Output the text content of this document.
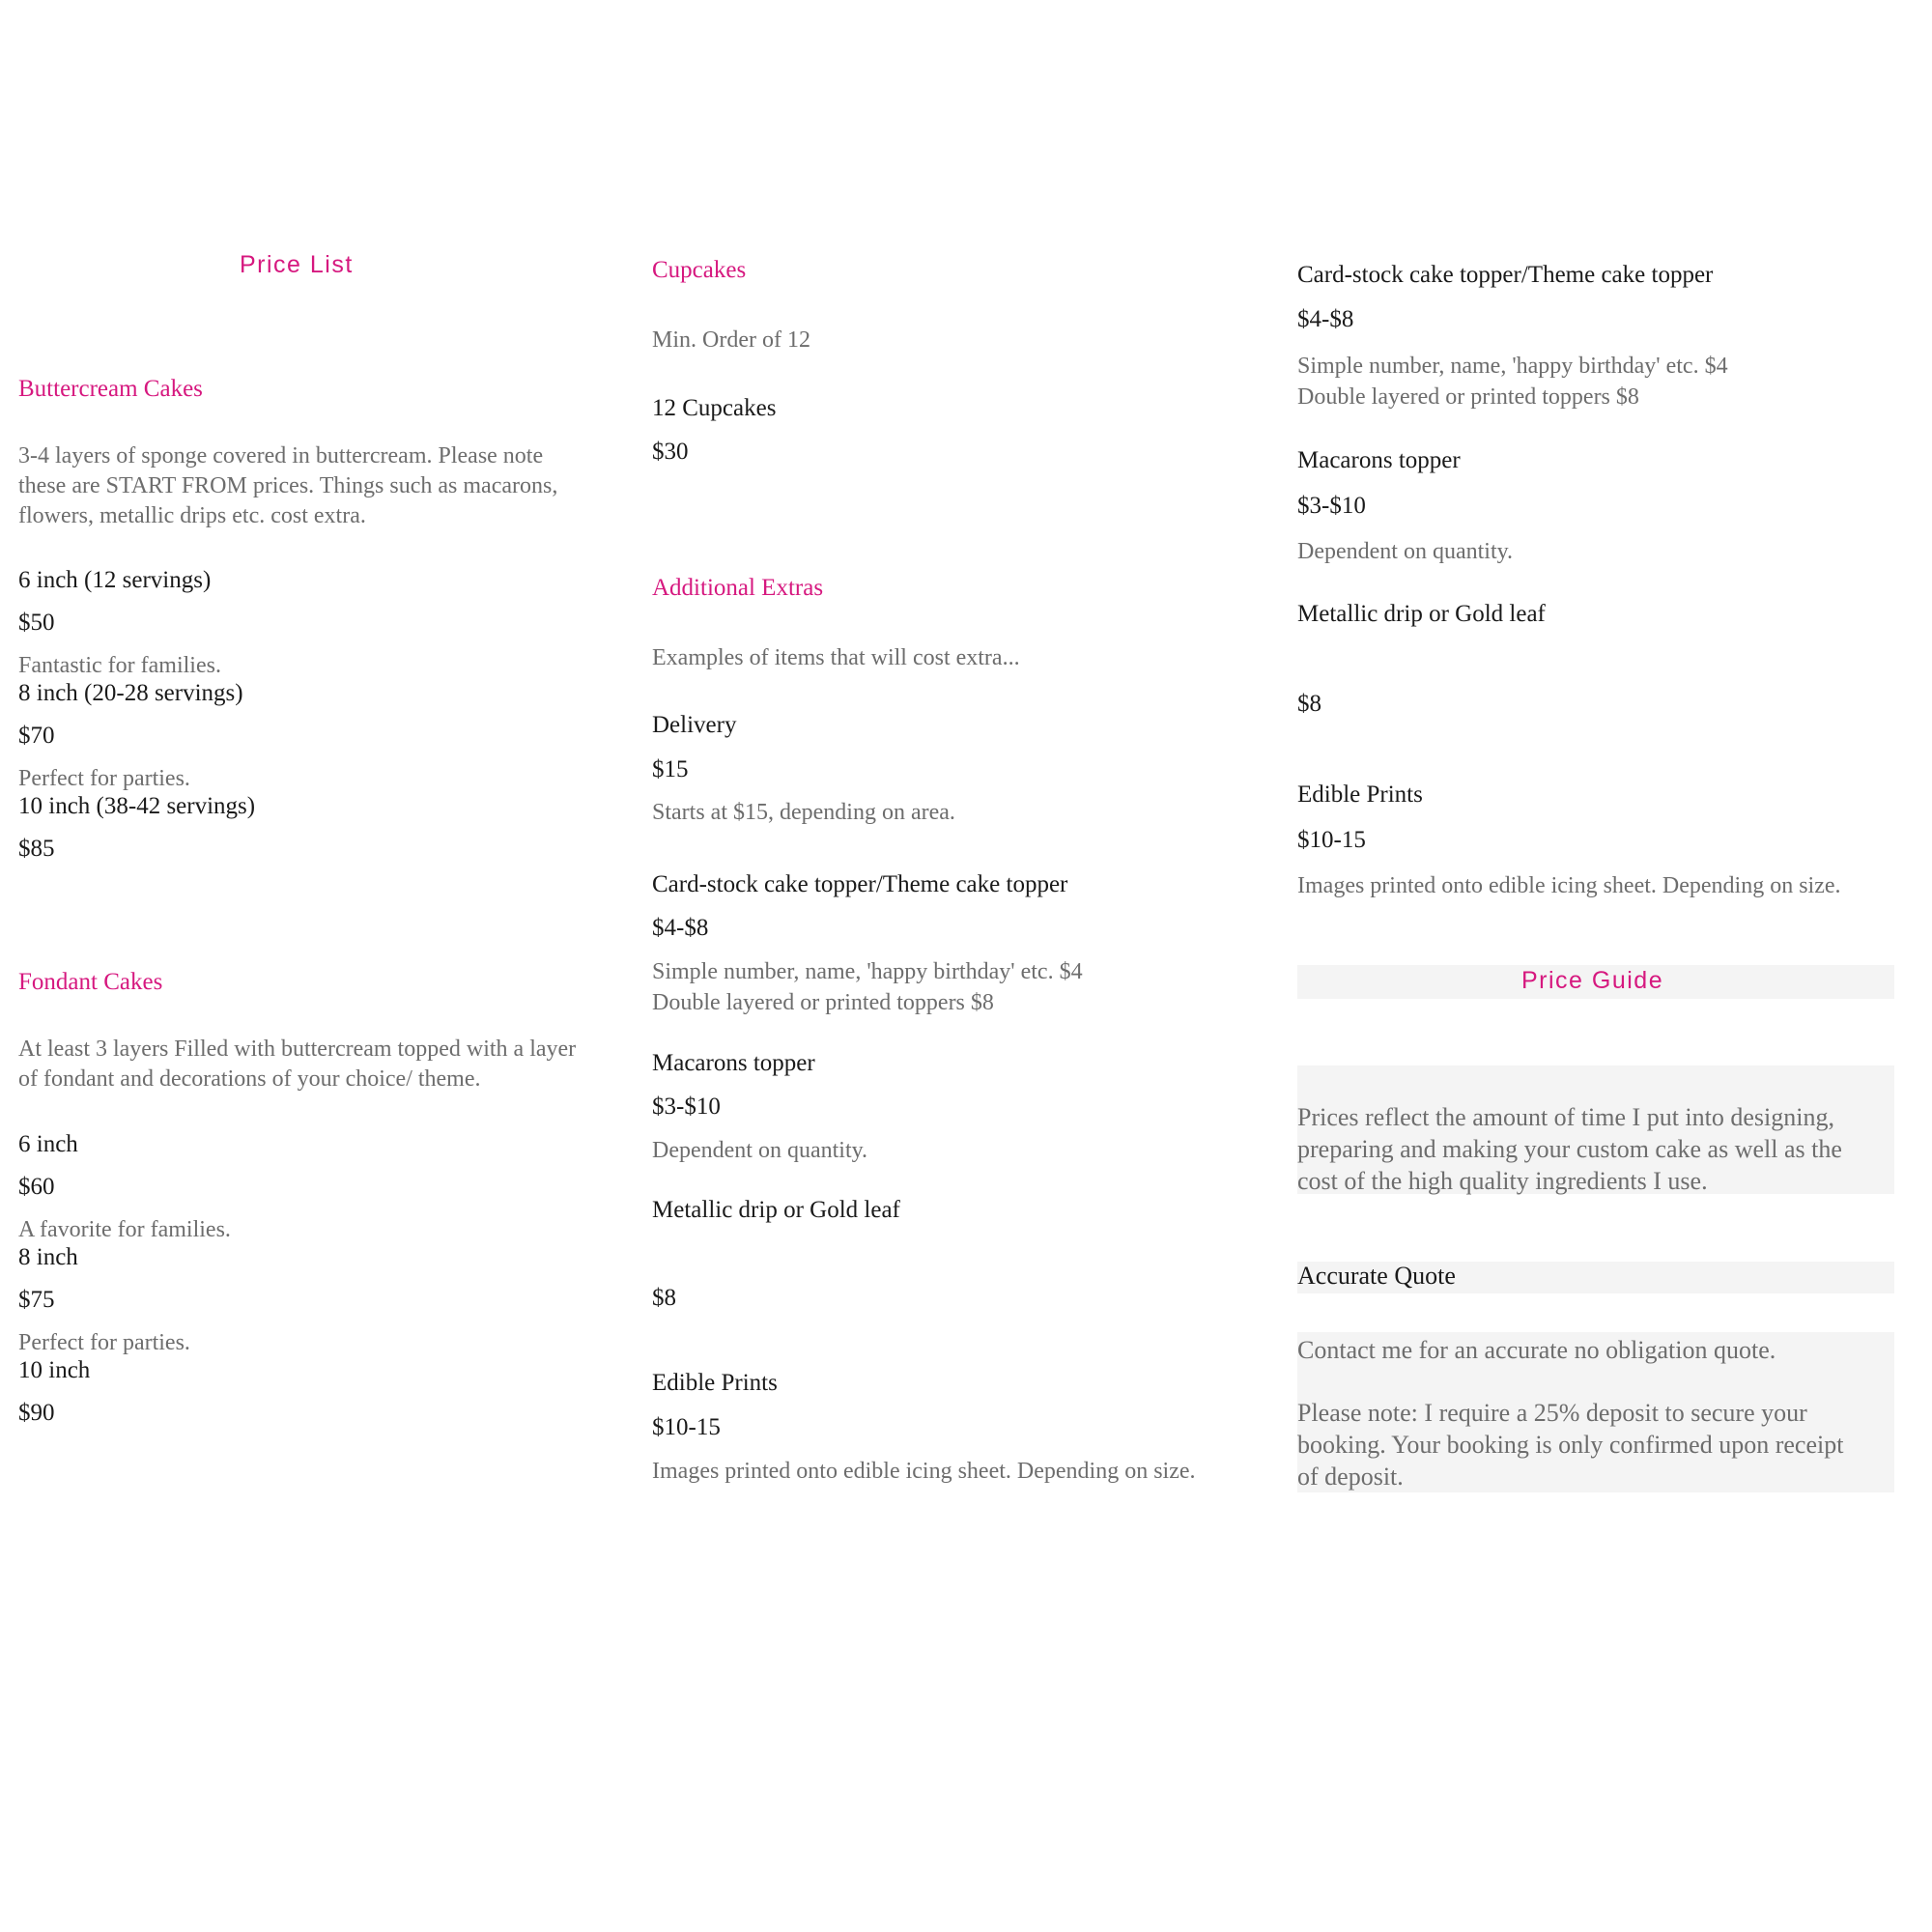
Price List
Buttercream Cakes
3-4 layers of sponge covered in buttercream. Please note
these are START FROM prices. Things such as macarons,
flowers, metallic drips etc. cost extra.
6 inch (12 servings)
$50
Fantastic for families.
8 inch (20-28 servings)
$70
Perfect for parties.
10 inch (38-42 servings)
$85
Fondant Cakes
At least 3 layers Filled with buttercream topped with a layer
of fondant and decorations of your choice/ theme.
6 inch
$60
A favorite for families.
8 inch
$75
Perfect for parties.
10 inch
$90
Cupcakes
Min. Order of 12
12 Cupcakes
$30
Additional Extras
Examples of items that will cost extra...
Delivery
$15
Starts at $15, depending on area.
Card-stock cake topper/Theme cake topper
$4-$8
Simple number, name, 'happy birthday' etc. $4
Double layered or printed toppers $8
Macarons topper
$3-$10
Dependent on quantity.
Metallic drip or Gold leaf
$8
Edible Prints
$10-15
Images printed onto edible icing sheet. Depending on size.
Card-stock cake topper/Theme cake topper
$4-$8
Simple number, name, 'happy birthday' etc. $4
Double layered or printed toppers $8
Macarons topper
$3-$10
Dependent on quantity.
Metallic drip or Gold leaf
$8
Edible Prints
$10-15
Images printed onto edible icing sheet. Depending on size.
Price Guide
Prices reflect the amount of time I put into designing,
preparing and making your custom cake as well as the
cost of the high quality ingredients I use.
Accurate Quote
Contact me for an accurate no obligation quote.
Please note: I require a 25% deposit to secure your
booking. Your booking is only confirmed upon receipt
of deposit.
